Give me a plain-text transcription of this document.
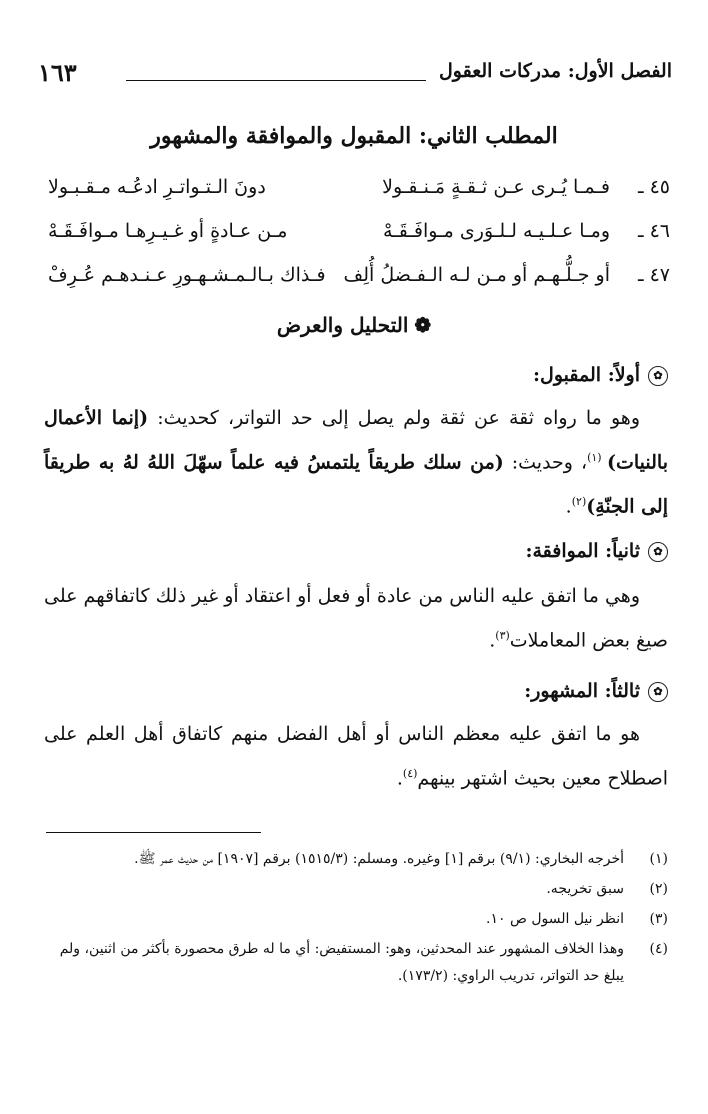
الفصل الأول: مدركات العقول
١٦٣
المطلب الثاني: المقبول والموافقة والمشهور
٤٥ ـ
فـمـا يُـرى عـن ثـقـةٍ مَـنـقـولا
دونَ الـتـواتـرِ ادعُـه مـقـبـولا
٤٦ ـ
ومـا عـلـيـه لـلـوَرى مـوافَـقَـهْ
مـن عـادةٍ أو غـيـرِهـا مـوافَـقَـهْ
٤٧ ـ
أو جـلُّـهـم أو مـن لـه الـفـضلُ أُلِف
فـذاك بـالـمـشـهـورِ عـنـدهـم عُـرِفْ
❁التحليل والعرض
✿أولاً: المقبول:
وهو ما رواه ثقة عن ثقة ولم يصل إلى حد التواتر، كحديث: (إنما الأعمال بالنيات) $^{(١)}$، وحديث: (من سلك طريقاً يلتمسُ فيه علماً سهّلَ اللهُ لهُ به طريقاً إلى الجنّةِ)$^{(٢)}$.
✿ثانياً: الموافقة:
وهي ما اتفق عليه الناس من عادة أو فعل أو اعتقاد أو غير ذلك كاتفاقهم على صيغ بعض المعاملات$^{(٣)}$.
✿ثالثاً: المشهور:
هو ما اتفق عليه معظم الناس أو أهل الفضل منهم كاتفاق أهل العلم على اصطلاح معين بحيث اشتهر بينهم$^{(٤)}$.
(١)
أخرجه البخاري: (٩/١) برقم [١] وغيره. ومسلم: (١٥١٥/٣) برقم [١٩٠٧] من حديث عمر ﷺ.
(٢)
سبق تخريجه.
(٣)
انظر نيل السول ص ١٠.
(٤)
وهذا الخلاف المشهور عند المحدثين، وهو: المستفيض: أي ما له طرق محصورة بأكثر من اثنين، ولم يبلغ حد التواتر، تدريب الراوي: (١٧٣/٢).
